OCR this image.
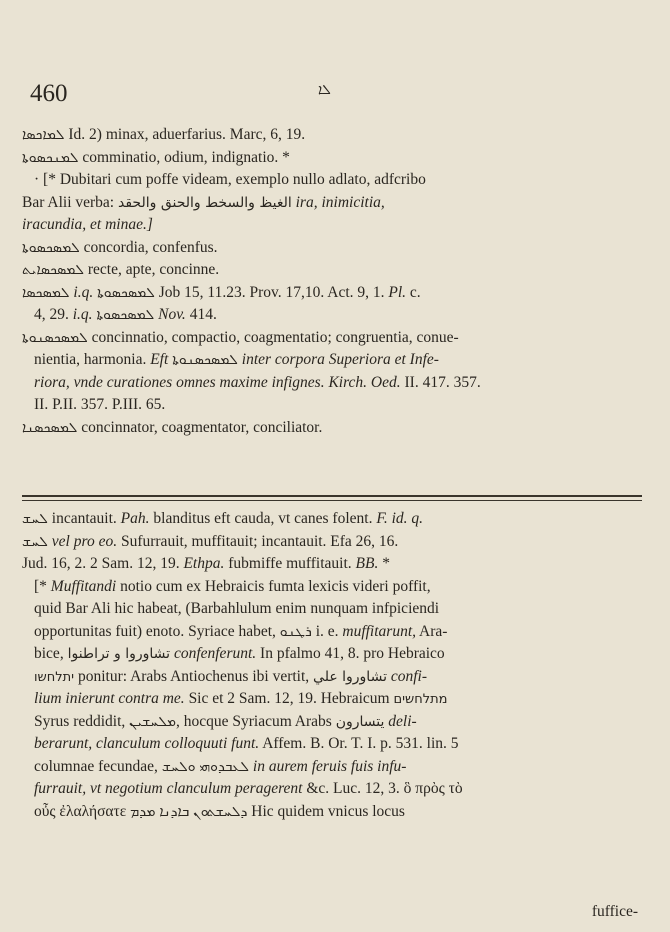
460	ܠܐ
ܠܡܐܟܣܐ Id. 2) minax, aduerfarius. Marc, 6, 19.
ܠܡܢܟܣܘܬܐ comminatio, odium, indignatio. *
· [* Dubitari cum poffe videam, exemplo nullo adlato, adfcribo
Bar Alii verba: الغيظ والسخط والحنق والحقد ira, inimicitia,
iracundia, et minae.]
ܠܡܣܟܣܘܬܐ concordia, confenfus.
ܠܡܣܟܣܐܝܬ recte, apte, concinne.
ܠܡܣܟܣܐ i.q. ܠܡܣܟܣܘܬܐ Job 15, 11.23. Prov. 17,10. Act. 9, 1. Pl. c.
4, 29. i.q. ܠܡܣܟܣܘܬܐ Nov. 414.
ܠܡܣܟܣܢܘܬܐ concinnatio, compactio, coagmentatio; congruentia, conue-
nientia, harmonia. Eft ܠܡܣܟܣܢܘܬܐ inter corpora Superiora et Infe-
riora, vnde curationes omnes maxime infignes. Kirch. Oed. II. 417. 357.
II. P.II. 357. P.III. 65.
ܠܡܣܟܣܢܐ concinnator, coagmentator, conciliator.
ܠܚܫ incantauit. Pah. blanditus eft cauda, vt canes folent. F. id. q.
ܠܚܫ vel pro eo. Sufurrauit, muffitauit; incantauit. Efa 26, 16.
Jud. 16, 2. 2 Sam. 12, 19. Ethpa. fubmiffe muffitauit. BB. *
[* Muffitandi notio cum ex Hebraicis fumta lexicis videri poffit,
quid Bar Ali hic habeat, (Barbahlulum enim nunquam infpiciendi
opportunitas fuit) enoto. Syriace habet, ܪܛܢܘ i. e. muffitarunt, Ara-
bice, تشاوروا و تراطنوا confenferunt. In pfalmo 41, 8. pro Hebraico
יתלחשו ponitur: Arabs Antiochenus ibi vertit, تشاوروا علي confi-
lium inierunt contra me. Sic et 2 Sam. 12, 19. Hebraicum מתלחשים
Syrus reddidit, ܡܠܚܫܝܢ, hocque Syriacum Arabs يتسارون deli-
berarunt, clanculum colloquuti funt. Affem. B. Or. T. I. p. 531. lin. 5
columnae fecundae,	ܠܥܒܕܘܗܝ ܘܠܚܫ	in aurem feruis fuis infu-
furrauit, vt negotium clanculum peragerent &c. Luc. 12, 3. ὃ πρὸς τὸ
οὖς ἐλαλήσατε	ܕܠܚܫܬܘܢ ܒܐܕܢܐ ܡܕܡ	Hic quidem vnicus locus
fuffice-
